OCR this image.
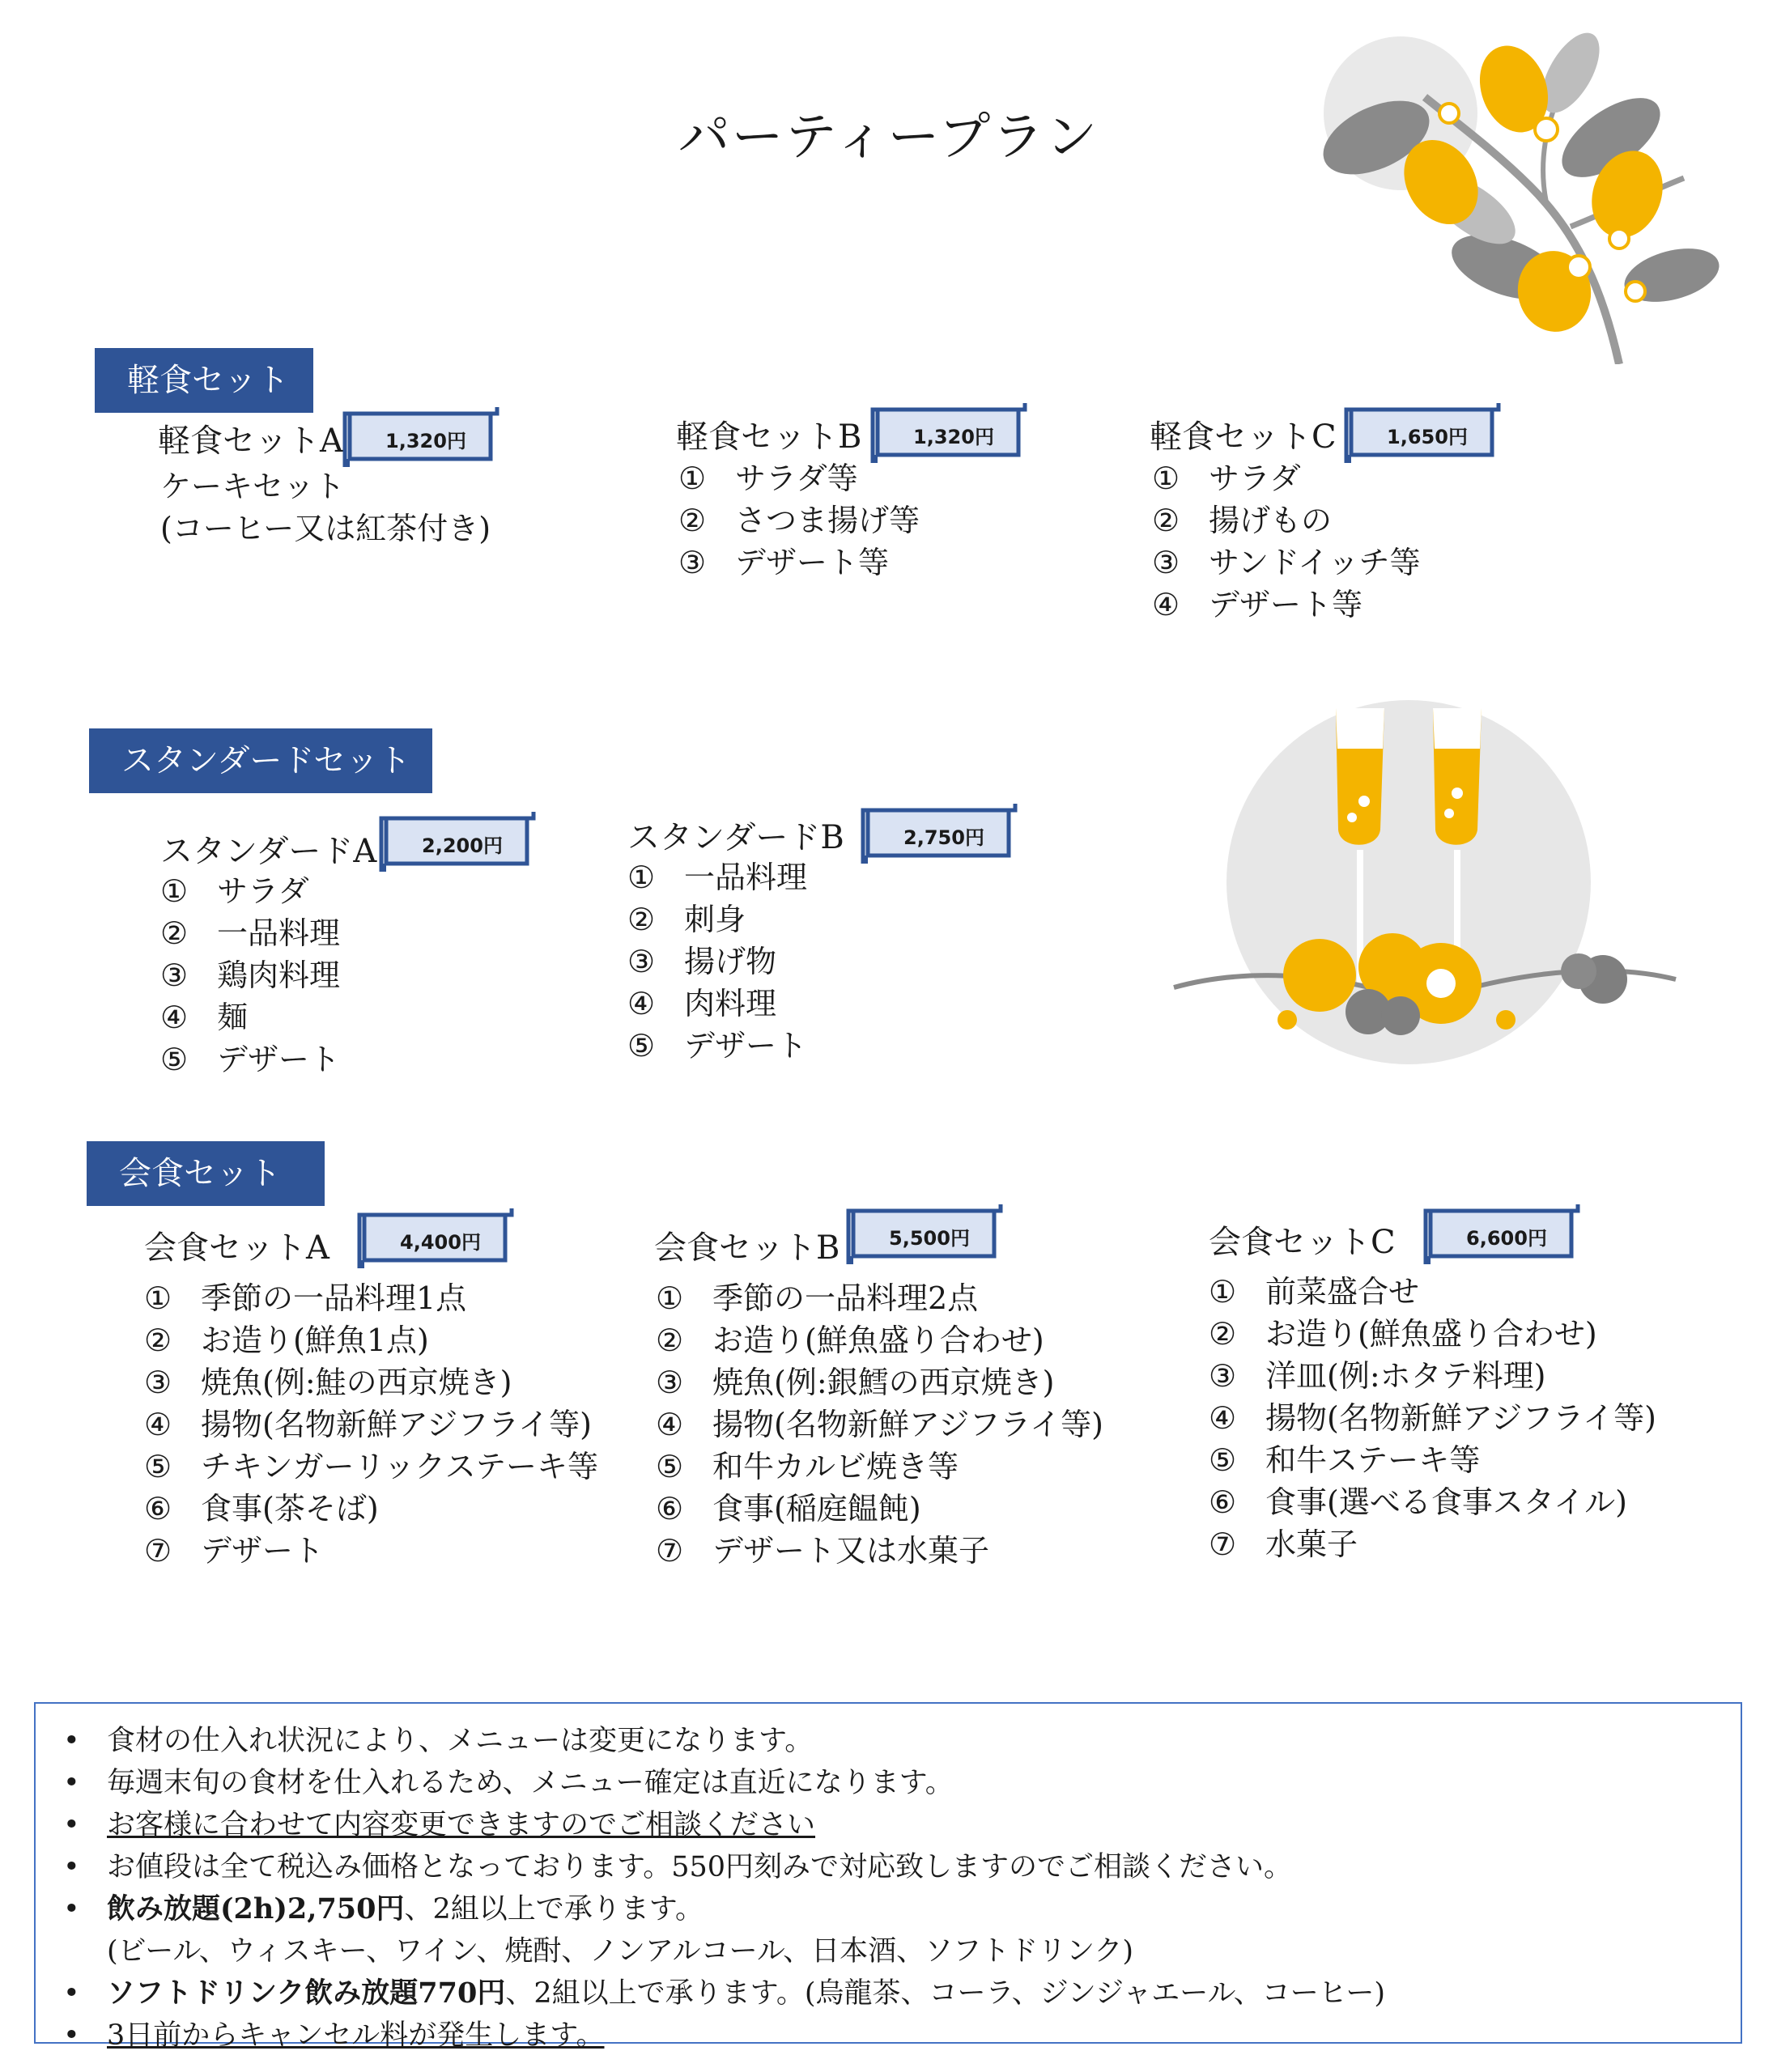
パーティープラン
軽食セット
軽食セットA	1,320円
ケーキセット
(コーヒー又は紅茶付き)
軽食セットB	1,320円
① サラダ等
② さつま揚げ等
③ デザート等
軽食セットC	1,650円
① サラダ
② 揚げもの
③ サンドイッチ等
④ デザート等
スタンダードセット
スタンダードA	2,200円
① サラダ
② 一品料理
③ 鶏肉料理
④ 麺
⑤ デザート
スタンダードB	2,750円
① 一品料理
② 刺身
③ 揚げ物
④ 肉料理
⑤ デザート
会食セット
会食セットA	4,400円
① 季節の一品料理1点
② お造り(鮮魚1点)
③ 焼魚(例:鮭の西京焼き)
④ 揚物(名物新鮮アジフライ等)
⑤ チキンガーリックステーキ等
⑥ 食事(茶そば)
⑦ デザート
会食セットB	5,500円
① 季節の一品料理2点
② お造り(鮮魚盛り合わせ)
③ 焼魚(例:銀鱈の西京焼き)
④ 揚物(名物新鮮アジフライ等)
⑤ 和牛カルビ焼き等
⑥ 食事(稲庭饂飩)
⑦ デザート又は水菓子
会食セットC	6,600円
① 前菜盛合せ
② お造り(鮮魚盛り合わせ)
③ 洋皿(例:ホタテ料理)
④ 揚物(名物新鮮アジフライ等)
⑤ 和牛ステーキ等
⑥ 食事(選べる食事スタイル)
⑦ 水菓子
• 食材の仕入れ状況により、メニューは変更になります。
• 毎週末旬の食材を仕入れるため、メニュー確定は直近になります。
• お客様に合わせて内容変更できますのでご相談ください
• お値段は全て税込み価格となっております。550円刻みで対応致しますのでご相談ください。
• 飲み放題(2h)2,750円、2組以上で承ります。
(ビール、ウィスキー、ワイン、焼酎、ノンアルコール、日本酒、ソフトドリンク)
• ソフトドリンク飲み放題770円、2組以上で承ります。(烏龍茶、コーラ、ジンジャエール、コーヒー)
• 3日前からキャンセル料が発生します。
